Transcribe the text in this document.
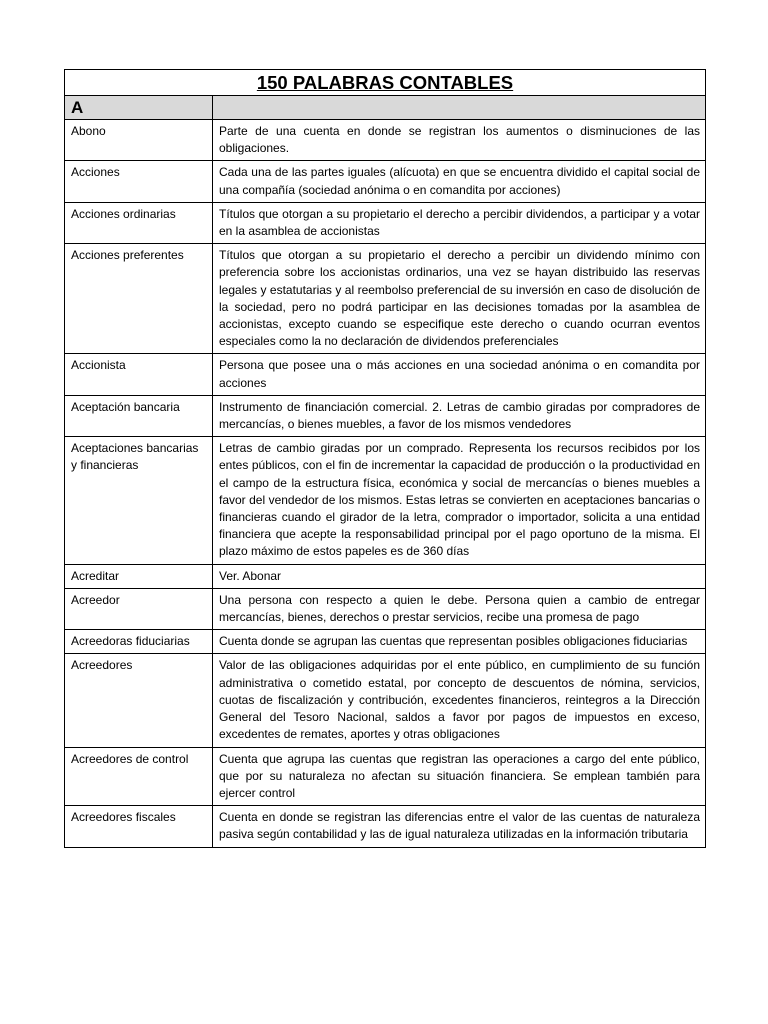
150 PALABRAS CONTABLES	
A	
Abono	Parte de una cuenta en donde se registran los aumentos o disminuciones de las obligaciones.
Acciones	Cada una de las partes iguales (alícuota) en que se encuentra dividido el capital social de una compañía (sociedad anónima o en comandita por acciones)
Acciones ordinarias	Títulos que otorgan a su propietario el derecho a percibir dividendos, a participar y a votar en la asamblea de accionistas
Acciones preferentes	Títulos que otorgan a su propietario el derecho a percibir un dividendo mínimo con preferencia sobre los accionistas ordinarios, una vez se hayan distribuido las reservas legales y estatutarias y al reembolso preferencial de su inversión en caso de disolución de la sociedad, pero no podrá participar en las decisiones tomadas por la asamblea de accionistas, excepto cuando se especifique este derecho o cuando ocurran eventos especiales como la no declaración de dividendos preferenciales
Accionista	Persona que posee una o más acciones en una sociedad anónima o en comandita por acciones
Aceptación bancaria	Instrumento de financiación comercial. 2. Letras de cambio giradas por compradores de mercancías, o bienes muebles, a favor de los mismos vendedores
Aceptaciones bancarias y financieras	Letras de cambio giradas por un comprado. Representa los recursos recibidos por los entes públicos, con el fin de incrementar la capacidad de producción o la productividad en el campo de la estructura física, económica y social de mercancías o bienes muebles a favor del vendedor de los mismos. Estas letras se convierten en aceptaciones bancarias o financieras cuando el girador de la letra, comprador o importador, solicita a una entidad financiera que acepte la responsabilidad principal por el pago oportuno de la misma. El plazo máximo de estos papeles es de 360 días
Acreditar	Ver. Abonar
Acreedor	Una persona con respecto a quien le debe. Persona quien a cambio de entregar mercancías, bienes, derechos o prestar servicios, recibe una promesa de pago
Acreedoras fiduciarias	Cuenta donde se agrupan las cuentas que representan posibles obligaciones fiduciarias
Acreedores	Valor de las obligaciones adquiridas por el ente público, en cumplimiento de su función administrativa o cometido estatal, por concepto de descuentos de nómina, servicios, cuotas de fiscalización y contribución, excedentes financieros, reintegros a la Dirección General del Tesoro Nacional, saldos a favor por pagos de impuestos en exceso, excedentes de remates, aportes y otras obligaciones
Acreedores de control	Cuenta que agrupa las cuentas que registran las operaciones a cargo del ente público, que por su naturaleza no afectan su situación financiera. Se emplean también para ejercer control
Acreedores fiscales	Cuenta en donde se registran las diferencias entre el valor de las cuentas de naturaleza pasiva según contabilidad y las de igual naturaleza utilizadas en la información tributaria
